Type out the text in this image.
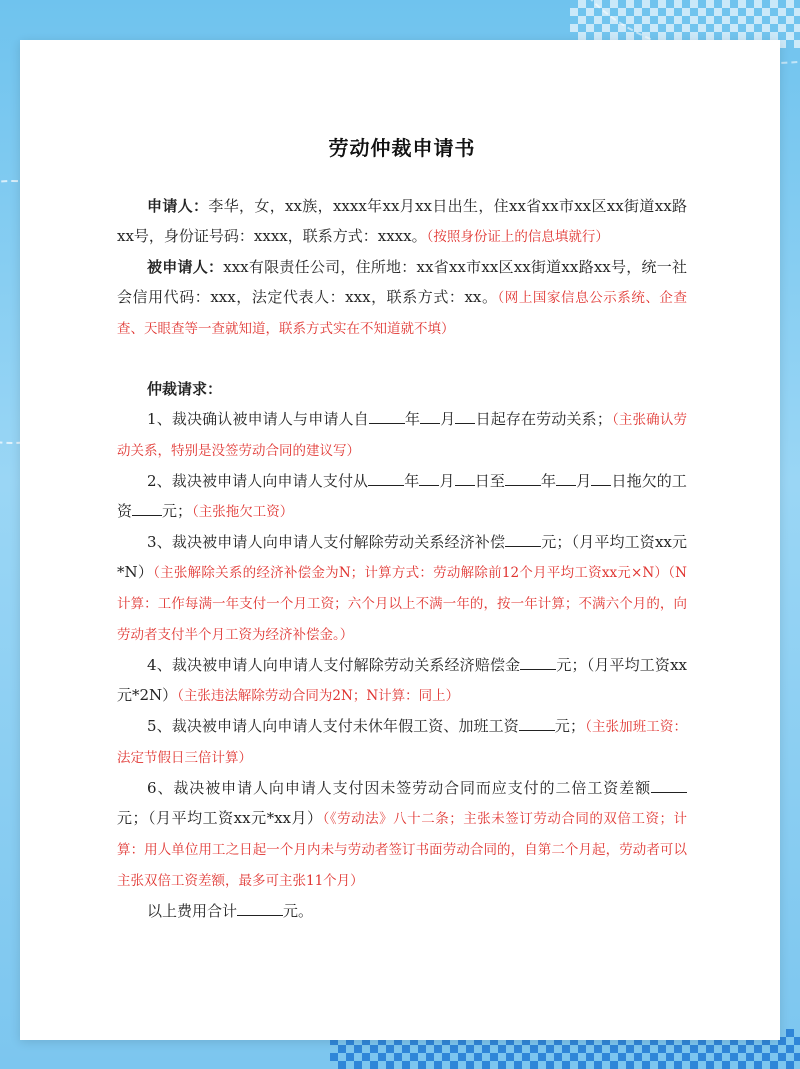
劳动仲裁申请书

申请人：李华，女，xx族，xxxx年xx月xx日出生，住xx省xx市xx区xx街道xx路xx号，身份证号码：xxxx，联系方式：xxxx。（按照身份证上的信息填就行）

被申请人：xxx有限责任公司，住所地：xx省xx市xx区xx街道xx路xx号，统一社会信用代码：xxx，法定代表人：xxx，联系方式：xx。（网上国家信息公示系统、企查查、天眼查等一查就知道，联系方式实在不知道就不填）

仲裁请求：

1、裁决确认被申请人与申请人自 年 月 日起存在劳动关系；（主张确认劳动关系，特别是没签劳动合同的建议写）

2、裁决被申请人向申请人支付从 年 月 日至 年 月 日拖欠的工资 元；（主张拖欠工资）

3、裁决被申请人向申请人支付解除劳动关系经济补偿 元；（月平均工资xx元*N）（主张解除关系的经济补偿金为N；计算方式：劳动解除前12个月平均工资xx元×N）（N计算：工作每满一年支付一个月工资；六个月以上不满一年的，按一年计算；不满六个月的，向劳动者支付半个月工资为经济补偿金。）

4、裁决被申请人向申请人支付解除劳动关系经济赔偿金 元；（月平均工资xx元*2N）（主张违法解除劳动合同为2N；N计算：同上）

5、裁决被申请人向申请人支付未休年假工资、加班工资 元；（主张加班工资：法定节假日三倍计算）

6、裁决被申请人向申请人支付因未签劳动合同而应支付的二倍工资差额元；（月平均工资xx元*xx月）（《劳动法》八十二条；主张未签订劳动合同的双倍工资；计算：用人单位用工之日起一个月内未与劳动者签订书面劳动合同的，自第二个月起，劳动者可以主张双倍工资差额，最多可主张11个月）

以上费用合计	元。
